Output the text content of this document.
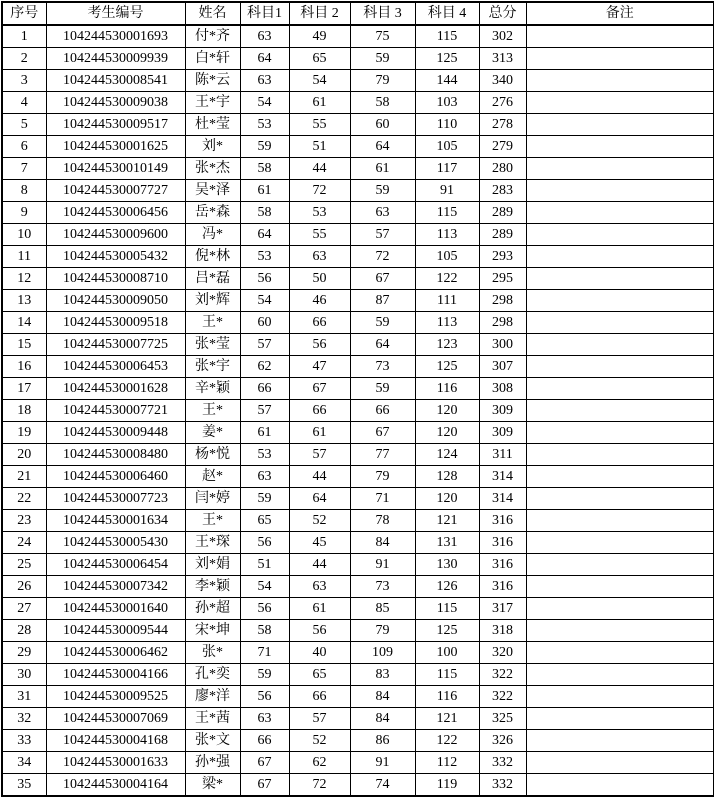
序号	考生编号	姓名	科目1	科目 2	科目 3	科目 4	总分	备注
1	104244530001693	付*齐	63	49	75	115	302	
2	104244530009939	白*轩	64	65	59	125	313	
3	104244530008541	陈*云	63	54	79	144	340	
4	104244530009038	王*宇	54	61	58	103	276	
5	104244530009517	杜*莹	53	55	60	110	278	
6	104244530001625	刘*	59	51	64	105	279	
7	104244530010149	张*杰	58	44	61	117	280	
8	104244530007727	吴*泽	61	72	59	91	283	
9	104244530006456	岳*森	58	53	63	115	289	
10	104244530009600	冯*	64	55	57	113	289	
11	104244530005432	倪*林	53	63	72	105	293	
12	104244530008710	吕*磊	56	50	67	122	295	
13	104244530009050	刘*辉	54	46	87	111	298	
14	104244530009518	王*	60	66	59	113	298	
15	104244530007725	张*莹	57	56	64	123	300	
16	104244530006453	张*宇	62	47	73	125	307	
17	104244530001628	辛*颖	66	67	59	116	308	
18	104244530007721	王*	57	66	66	120	309	
19	104244530009448	姜*	61	61	67	120	309	
20	104244530008480	杨*悦	53	57	77	124	311	
21	104244530006460	赵*	63	44	79	128	314	
22	104244530007723	闫*婷	59	64	71	120	314	
23	104244530001634	王*	65	52	78	121	316	
24	104244530005430	王*琛	56	45	84	131	316	
25	104244530006454	刘*娟	51	44	91	130	316	
26	104244530007342	李*颖	54	63	73	126	316	
27	104244530001640	孙*超	56	61	85	115	317	
28	104244530009544	宋*坤	58	56	79	125	318	
29	104244530006462	张*	71	40	109	100	320	
30	104244530004166	孔*奕	59	65	83	115	322	
31	104244530009525	廖*洋	56	66	84	116	322	
32	104244530007069	王*茜	63	57	84	121	325	
33	104244530004168	张*文	66	52	86	122	326	
34	104244530001633	孙*强	67	62	91	112	332	
35	104244530004164	梁*	67	72	74	119	332	
